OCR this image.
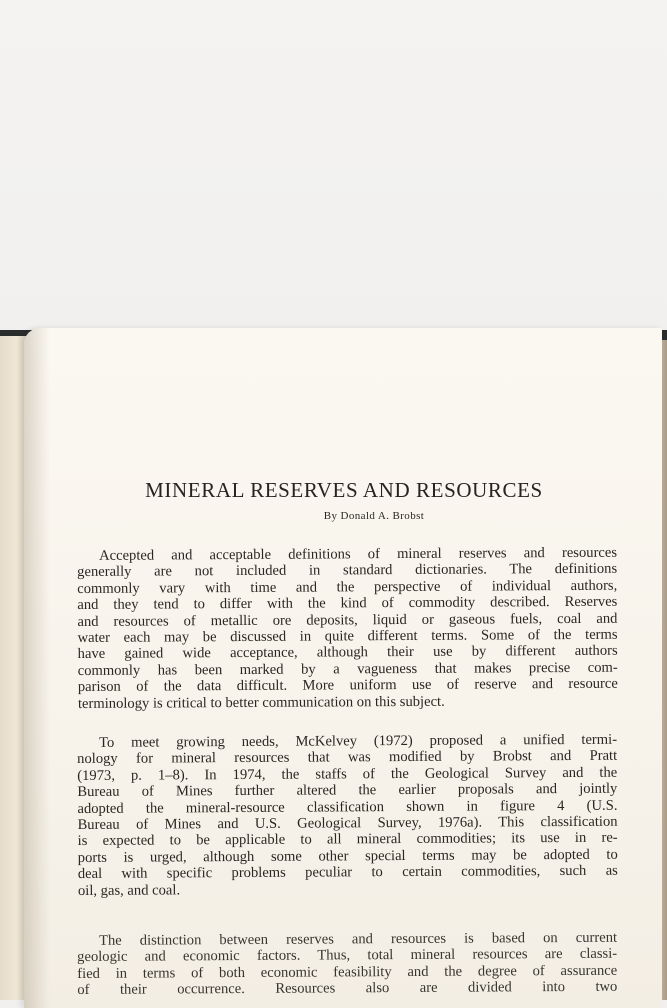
MINERAL RESERVES AND RESOURCES
By Donald A. Brobst
Accepted and acceptable definitions of mineral reserves and resources
generally are not included in standard dictionaries. The definitions
commonly vary with time and the perspective of individual authors,
and they tend to differ with the kind of commodity described. Reserves
and resources of metallic ore deposits, liquid or gaseous fuels, coal and
water each may be discussed in quite different terms. Some of the terms
have gained wide acceptance, although their use by different authors
commonly has been marked by a vagueness that makes precise com-
parison of the data difficult. More uniform use of reserve and resource
terminology is critical to better communication on this subject.
To meet growing needs, McKelvey (1972) proposed a unified termi-
nology for mineral resources that was modified by Brobst and Pratt
(1973, p. 1–8). In 1974, the staffs of the Geological Survey and the
Bureau of Mines further altered the earlier proposals and jointly
adopted the mineral-resource classification shown in figure 4 (U.S.
Bureau of Mines and U.S. Geological Survey, 1976a). This classification
is expected to be applicable to all mineral commodities; its use in re-
ports is urged, although some other special terms may be adopted to
deal with specific problems peculiar to certain commodities, such as
oil, gas, and coal.
The distinction between reserves and resources is based on current
geologic and economic factors. Thus, total mineral resources are classi-
fied in terms of both economic feasibility and the degree of assurance
of their occurrence. Resources also are divided into two
